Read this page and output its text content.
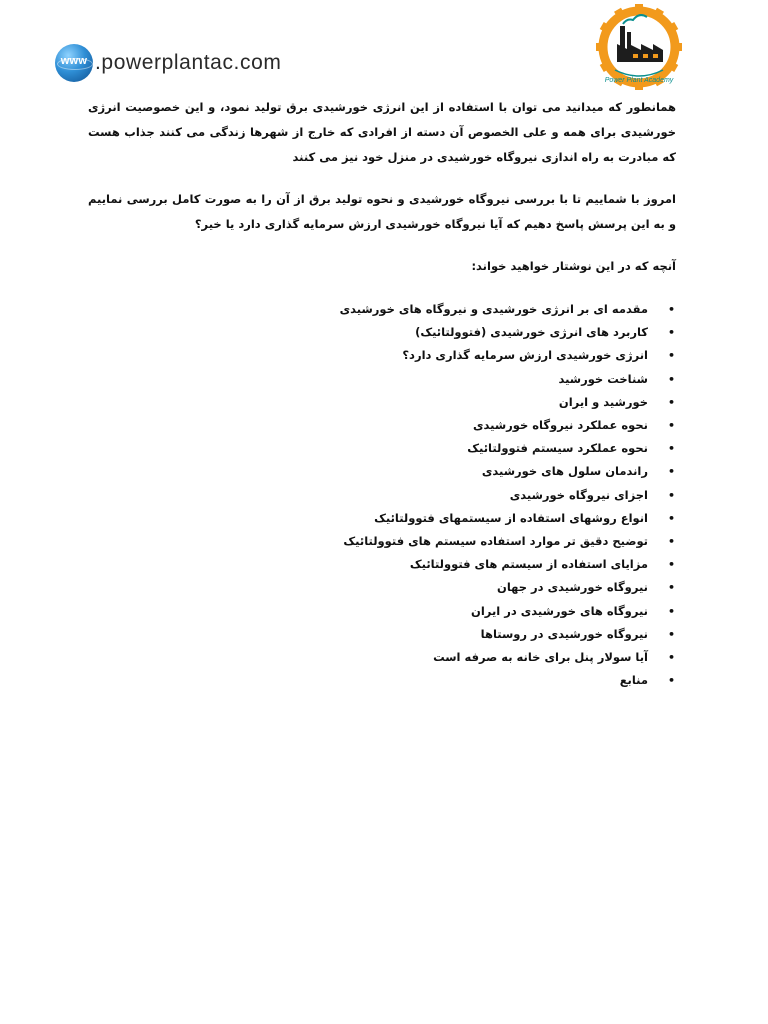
www .powerplantac.com
Power Plant Academy

همانطور که میدانید می توان با استفاده از این انرژی خورشیدی برق تولید نمود، و این خصوصیت انرژی خورشیدی برای همه و علی الخصوص آن دسته از افرادی که خارج از شهرها زندگی می کنند جذاب هست که مبادرت به راه اندازی نیروگاه خورشیدی در منزل خود نیز می کنند

امروز با شماییم تا با بررسی نیروگاه خورشیدی و نحوه تولید برق از آن را به صورت کامل بررسی نماییم و به این پرسش پاسخ دهیم که آیا نیروگاه خورشیدی ارزش سرمایه گذاری دارد یا خیر؟

آنچه که در این نوشتار خواهید خواند:

•
مقدمه ای بر انرژی خورشیدی و نیروگاه های خورشیدی
•
کاربرد های انرژی خورشیدی (فتوولتائیک)
•
انرژی خورشیدی ارزش سرمایه گذاری دارد؟
•
شناخت خورشید
•
خورشید و ایران
•
نحوه عملکرد نیروگاه خورشیدی
•
نحوه عملکرد سیستم فتوولتائیک
•
راندمان سلول های خورشیدی
•
اجزای نیروگاه خورشیدی
•
انواع روشهای استفاده از سیستمهای فتوولتائیک
•
توضیح دقیق تر موارد استفاده سیستم های فتوولتائیک
•
مزایای استفاده از سیستم های فتوولتائیک
•
نیروگاه خورشیدی در جهان
•
نیروگاه های خورشیدی در ایران
•
نیروگاه خورشیدی در روستاها
•
آیا سولار پنل برای خانه به صرفه است
•
منابع
